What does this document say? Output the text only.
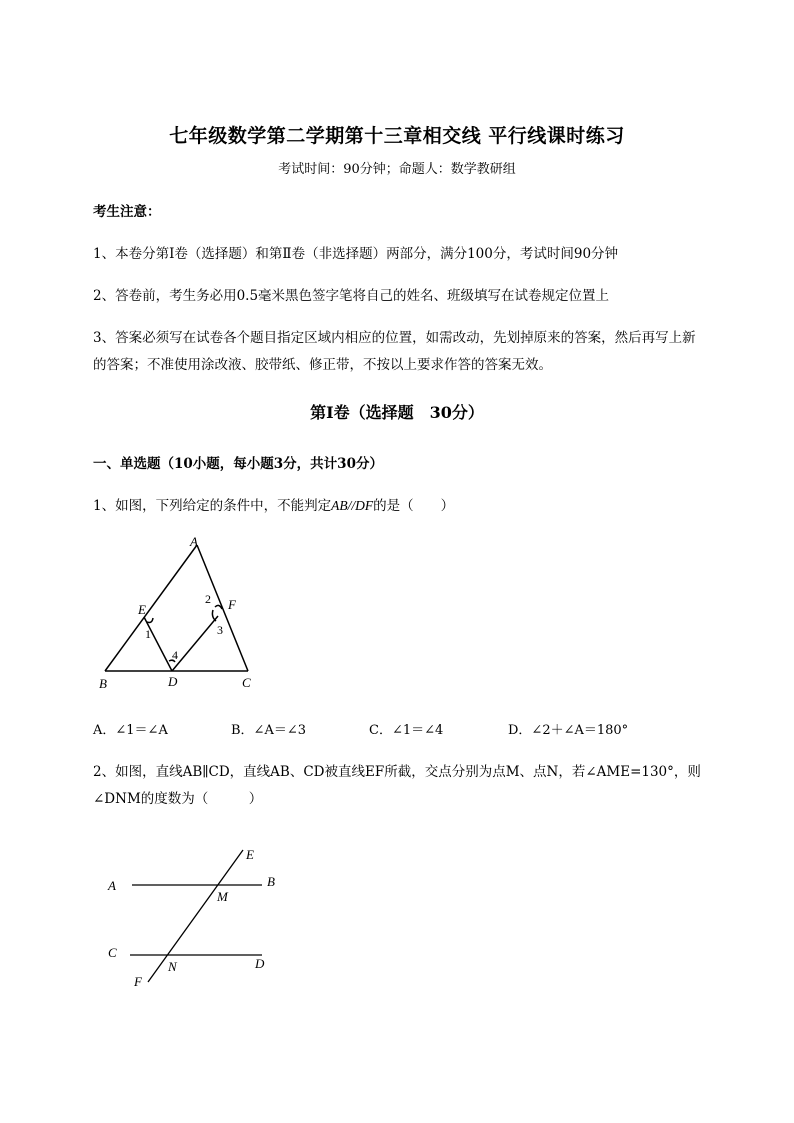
七年级数学第二学期第十三章相交线 平行线课时练习
考试时间：90分钟；命题人：数学教研组
考生注意：
1、本卷分第Ⅰ卷（选择题）和第Ⅱ卷（非选择题）两部分，满分100分，考试时间90分钟
2、答卷前，考生务必用0.5毫米黑色签字笔将自己的姓名、班级填写在试卷规定位置上
3、答案必须写在试卷各个题目指定区域内相应的位置，如需改动，先划掉原来的答案，然后再写上新
的答案；不准使用涂改液、胶带纸、修正带，不按以上要求作答的答案无效。
第Ⅰ卷（选择题　30分）
一、单选题（10小题，每小题3分，共计30分）
1、如图，下列给定的条件中，不能判定AB//DF的是（　　）
A
E	F
B	D	C
1
2
3
4
A．∠1＝∠A	B．∠A＝∠3	C．∠1＝∠4	D．∠2＋∠A＝180°
2、如图，直线AB∥CD，直线AB、CD被直线EF所截，交点分别为点M、点N，若∠AME=130°，则
∠DNM的度数为（　　　）
A	B
E
M
C
D
N
F
